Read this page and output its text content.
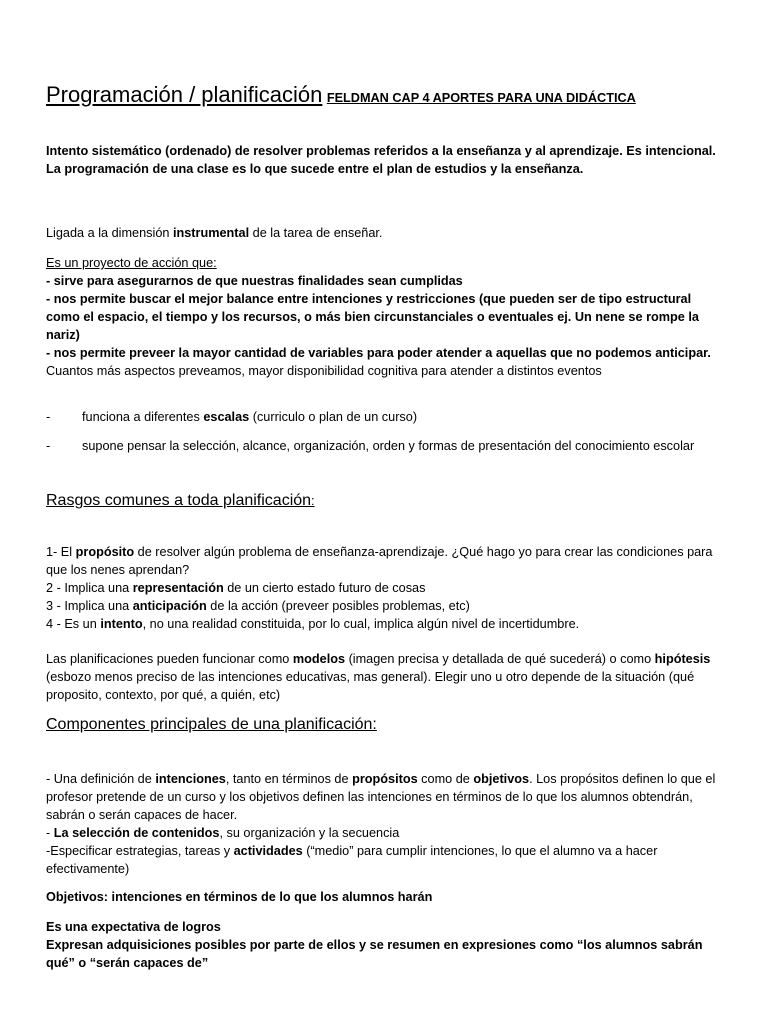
Programación / planificación FELDMAN CAP 4 APORTES PARA UNA DIDÁCTICA

Intento sistemático (ordenado) de resolver problemas referidos a la enseñanza y al aprendizaje. Es intencional.
La programación de una clase es lo que sucede entre el plan de estudios y la enseñanza.

Ligada a la dimensión instrumental de la tarea de enseñar.

Es un proyecto de acción que:
- sirve para asegurarnos de que nuestras finalidades sean cumplidas
- nos permite buscar el mejor balance entre intenciones y restricciones (que pueden ser de tipo estructural como el espacio, el tiempo y los recursos, o más bien circunstanciales o eventuales ej. Un nene se rompe la nariz)
- nos permite preveer la mayor cantidad de variables para poder atender a aquellas que no podemos anticipar. Cuantos más aspectos preveamos, mayor disponibilidad cognitiva para atender a distintos eventos

-	funciona a diferentes escalas (curriculo o plan de un curso)

-	supone pensar la selección, alcance, organización, orden y formas de presentación del conocimiento escolar

Rasgos comunes a toda planificación:

1- El propósito de resolver algún problema de enseñanza-aprendizaje. ¿Qué hago yo para crear las condiciones para que los nenes aprendan?
2 - Implica una representación de un cierto estado futuro de cosas
3 - Implica una anticipación de la acción (preveer posibles problemas, etc)
4 - Es un intento, no una realidad constituida, por lo cual, implica algún nivel de incertidumbre.

Las planificaciones pueden funcionar como modelos (imagen precisa y detallada de qué sucederá) o como hipótesis (esbozo menos preciso de las intenciones educativas, mas general). Elegir uno u otro depende de la situación (qué proposito, contexto, por qué, a quién, etc)

Componentes principales de una planificación:

- Una definición de intenciones, tanto en términos de propósitos como de objetivos. Los propósitos definen lo que el profesor pretende de un curso y los objetivos definen las intenciones en términos de lo que los alumnos obtendrán, sabrán o serán capaces de hacer.
- La selección de contenidos, su organización y la secuencia
-Especificar estrategias, tareas y actividades (“medio” para cumplir intenciones, lo que el alumno va a hacer efectivamente)

Objetivos: intenciones en términos de lo que los alumnos harán

Es una expectativa de logros
Expresan adquisiciones posibles por parte de ellos y se resumen en expresiones como “los alumnos sabrán qué” o “serán capaces de”
